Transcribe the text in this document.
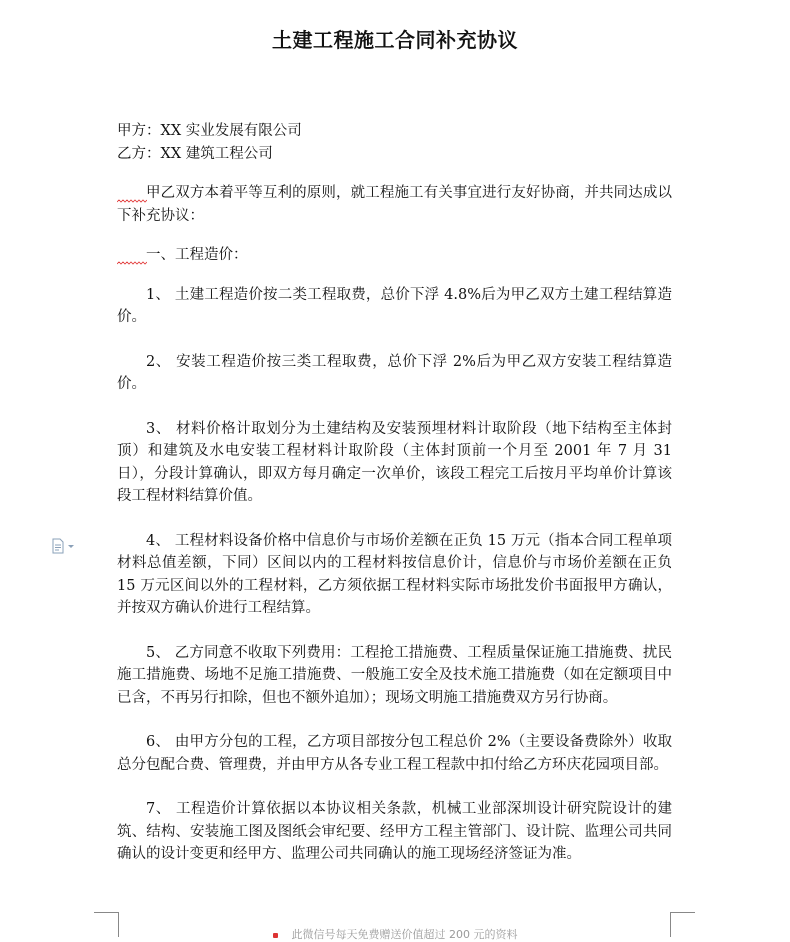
土建工程施工合同补充协议

甲方：XX 实业发展有限公司

乙方：XX 建筑工程公司

甲乙双方本着平等互利的原则，就工程施工有关事宜进行友好协商，并共同达成以下补充协议：

一、工程造价：

1、 土建工程造价按二类工程取费，总价下浮 4.8%后为甲乙双方土建工程结算造价。

2、 安装工程造价按三类工程取费，总价下浮 2%后为甲乙双方安装工程结算造价。

3、 材料价格计取划分为土建结构及安装预埋材料计取阶段（地下结构至主体封顶）和建筑及水电安装工程材料计取阶段（主体封顶前一个月至 2001 年 7 月 31 日），分段计算确认，即双方每月确定一次单价，该段工程完工后按月平均单价计算该段工程材料结算价值。

4、 工程材料设备价格中信息价与市场价差额在正负 15 万元（指本合同工程单项材料总值差额，下同）区间以内的工程材料按信息价计，信息价与市场价差额在正负 15 万元区间以外的工程材料，乙方须依据工程材料实际市场批发价书面报甲方确认，并按双方确认价进行工程结算。

5、 乙方同意不收取下列费用：工程抢工措施费、工程质量保证施工措施费、扰民施工措施费、场地不足施工措施费、一般施工安全及技术施工措施费（如在定额项目中已含，不再另行扣除，但也不额外追加）；现场文明施工措施费双方另行协商。

6、 由甲方分包的工程，乙方项目部按分包工程总价 2%（主要设备费除外）收取总分包配合费、管理费，并由甲方从各专业工程工程款中扣付给乙方环庆花园项目部。

7、 工程造价计算依据以本协议相关条款，机械工业部深圳设计研究院设计的建筑、结构、安装施工图及图纸会审纪要、经甲方工程主管部门、设计院、监理公司共同确认的设计变更和经甲方、监理公司共同确认的施工现场经济签证为准。

此微信号每天免费赠送价值超过 200 元的资料
